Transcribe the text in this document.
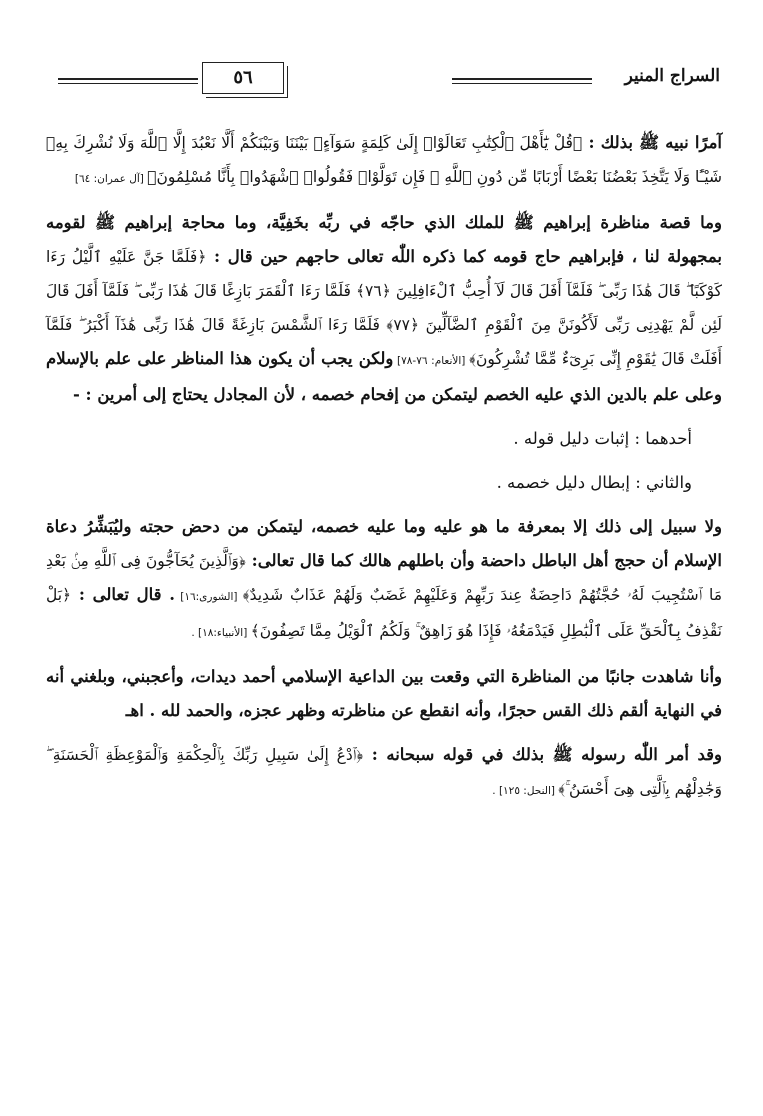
٥٦	السراج المنير

آمرًا نبيه ﷺ بذلك : ﴿قُلْ يَٰٓأَهْلَ ٱلْكِتَٰبِ تَعَالَوْا۟ إِلَىٰ كَلِمَةٍ سَوَآءٍۭ بَيْنَنَا وَبَيْنَكُمْ أَلَّا نَعْبُدَ إِلَّا ٱللَّهَ وَلَا نُشْرِكَ بِهِۦ شَيْـًٔا وَلَا يَتَّخِذَ بَعْضُنَا بَعْضًا أَرْبَابًا مِّن دُونِ ٱللَّهِ ۚ فَإِن تَوَلَّوْا۟ فَقُولُوا۟ ٱشْهَدُوا۟ بِأَنَّا مُسْلِمُونَ﴾ [آل عمران: ٦٤]

وما قصة مناظرة إبراهيم ﷺ للملك الذي حاجّه في ربِّه بخَفِيَّة، وما محاجة إبراهيم ﷺ لقومه بمجهولة لنا ، فإبراهيم حاج قومه كما ذكره اللّٰه تعالى حاجهم حين قال : ﴿فَلَمَّا جَنَّ عَلَيْهِ ٱلَّيْلُ رَءَا كَوْكَبًا ۖ قَالَ هَٰذَا رَبِّى ۖ فَلَمَّآ أَفَلَ قَالَ لَآ أُحِبُّ ٱلْءَافِلِينَ ﴿٧٦﴾ فَلَمَّا رَءَا ٱلْقَمَرَ بَازِغًا قَالَ هَٰذَا رَبِّى ۖ فَلَمَّآ أَفَلَ قَالَ لَئِن لَّمْ يَهْدِنِى رَبِّى لَأَكُونَنَّ مِنَ ٱلْقَوْمِ ٱلضَّآلِّينَ ﴿٧٧﴾ فَلَمَّا رَءَا ٱلشَّمْسَ بَازِغَةً قَالَ هَٰذَا رَبِّى هَٰذَآ أَكْبَرُ ۖ فَلَمَّآ أَفَلَتْ قَالَ يَٰقَوْمِ إِنِّى بَرِىٓءٌ مِّمَّا تُشْرِكُونَ﴾ [الأنعام: ٧٦-٧٨] ولكن يجب أن يكون هذا المناظر على علم بالإسلام وعلى علم بالدين الذي عليه الخصم ليتمكن من إفحام خصمه ، لأن المجادل يحتاج إلى أمرين : -

أحدهما : إثبات دليل قوله .

والثاني : إبطال دليل خصمه .

ولا سبيل إلى ذلك إلا بمعرفة ما هو عليه وما عليه خصمه، ليتمكن من دحض حجته وليُبَشِّرُ دعاة الإسلام أن حجج أهل الباطل داحضة وأن باطلهم هالك كما قال تعالى: ﴿وَٱلَّذِينَ يُحَآجُّونَ فِى ٱللَّهِ مِنۢ بَعْدِ مَا ٱسْتُجِيبَ لَهُۥ حُجَّتُهُمْ دَاحِضَةٌ عِندَ رَبِّهِمْ وَعَلَيْهِمْ غَضَبٌ وَلَهُمْ عَذَابٌ شَدِيدٌ﴾ [الشورى:١٦] . قال تعالى : ﴿بَلْ نَقْذِفُ بِٱلْحَقِّ عَلَى ٱلْبَٰطِلِ فَيَدْمَغُهُۥ فَإِذَا هُوَ زَاهِقٌ ۚ وَلَكُمُ ٱلْوَيْلُ مِمَّا تَصِفُونَ﴾ [الأنبياء:١٨] .

وأنا شاهدت جانبًا من المناظرة التي وقعت بين الداعية الإسلامي أحمد ديدات، وأعجبني، وبلغني أنه في النهاية ألقم ذلك القس حجرًا، وأنه انقطع عن مناظرته وظهر عجزه، والحمد لله . اهـ

وقد أمر اللّٰه رسوله ﷺ بذلك في قوله سبحانه : ﴿ٱدْعُ إِلَىٰ سَبِيلِ رَبِّكَ بِٱلْحِكْمَةِ وَٱلْمَوْعِظَةِ ٱلْحَسَنَةِ ۖ وَجَٰدِلْهُم بِٱلَّتِى هِىَ أَحْسَنُ ۚ﴾ [النحل: ١٢٥] .
